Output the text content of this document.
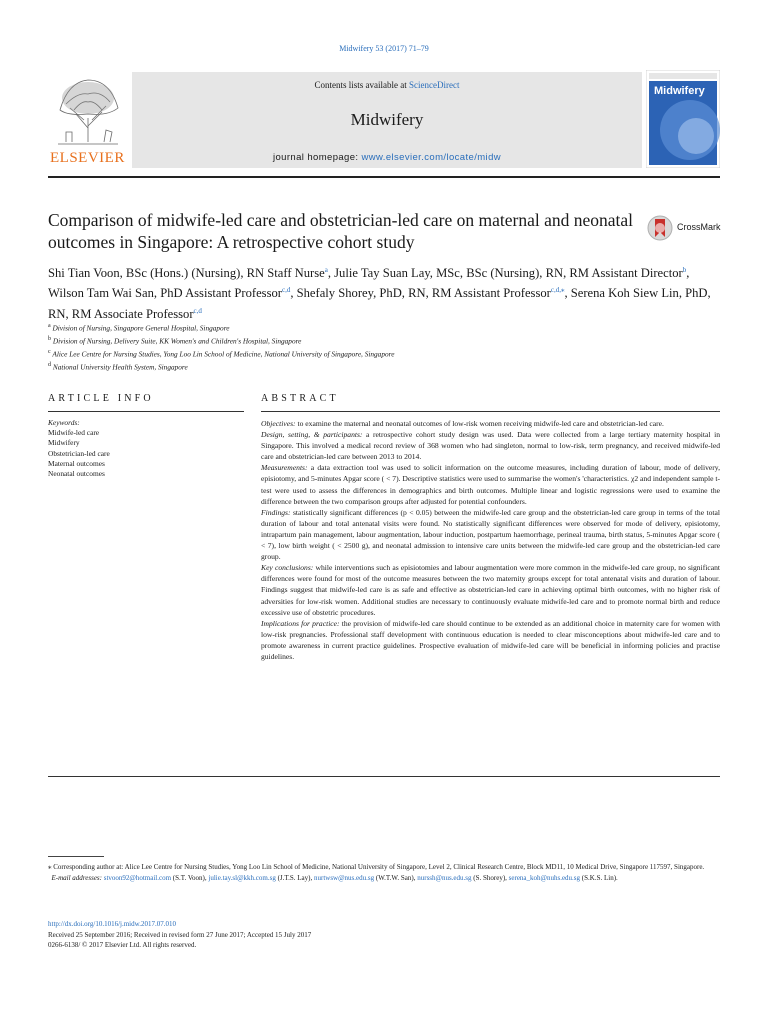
Midwifery 53 (2017) 71–79
ELSEVIER
Contents lists available at ScienceDirect
Midwifery
journal homepage: www.elsevier.com/locate/midw
Midwifery
Comparison of midwife-led care and obstetrician-led care on maternal and neonatal outcomes in Singapore: A retrospective cohort study
CrossMark
Shi Tian Voon, BSc (Hons.) (Nursing), RN Staff Nurse$^a$, Julie Tay Suan Lay, MSc, BSc (Nursing), RN, RM Assistant Director$^b$, Wilson Tam Wai San, PhD Assistant Professor$^{c,d}$, Shefaly Shorey, PhD, RN, RM Assistant Professor$^{c,d,⁎}$, Serena Koh Siew Lin, PhD, RN, RM Associate Professor$^{c,d}$
$^a$ Division of Nursing, Singapore General Hospital, Singapore
$^b$ Division of Nursing, Delivery Suite, KK Women's and Children's Hospital, Singapore
$^c$ Alice Lee Centre for Nursing Studies, Yong Loo Lin School of Medicine, National University of Singapore, Singapore
$^d$ National University Health System, Singapore
ARTICLE INFO
Keywords:
Midwife-led care
Midwifery
Obstetrician-led care
Maternal outcomes
Neonatal outcomes
ABSTRACT

Objectives: to examine the maternal and neonatal outcomes of low-risk women receiving midwife-led care and obstetrician-led care.

Design, setting, & participants: a retrospective cohort study design was used. Data were collected from a large tertiary maternity hospital in Singapore. This involved a medical record review of 368 women who had singleton, normal to low-risk, term pregnancy, and received midwife-led care and obstetrician-led care between 2013 to 2014.

Measurements: a data extraction tool was used to solicit information on the outcome measures, including duration of labour, mode of delivery, episiotomy, and 5-minutes Apgar score ( < 7). Descriptive statistics were used to summarise the women's 'characteristics. χ2 and independent sample t-test were used to assess the differences in demographics and birth outcomes. Multiple linear and logistic regressions were used to examine the difference between the two comparison groups after adjusted for potential confounders.

Findings: statistically significant differences (p < 0.05) between the midwife-led care group and the obstetrician-led care group in terms of the total duration of labour and total antenatal visits were found. No statistically significant differences were observed for mode of delivery, episiotomy, intrapartum pain management, labour augmentation, labour induction, postpartum haemorrhage, perineal trauma, birth status, 5-minutes Apgar score ( < 7), low birth weight ( < 2500 g), and neonatal admission to intensive care units between the midwife-led care group and the obstetrician-led care group.

Key conclusions: while interventions such as episiotomies and labour augmentation were more common in the midwife-led care group, no significant differences were found for most of the outcome measures between the two maternity groups except for total antenatal visits and duration of labour. Findings suggest that midwife-led care is as safe and effective as obstetrician-led care in achieving optimal birth outcomes, with no higher risk of adversities for low-risk women. Additional studies are necessary to continuously evaluate midwife-led care and to promote normal birth and reduce excessive use of obstetric procedures.

Implications for practice: the provision of midwife-led care should continue to be extended as an additional choice in maternity care for women with low-risk pregnancies. Professional staff development with continuous education is needed to clear misconceptions about midwife-led care and to promote awareness in current practice guidelines. Prospective evaluation of midwife-led care will be beneficial in informing policies and practise guidelines.

⁎ Corresponding author at: Alice Lee Centre for Nursing Studies, Yong Loo Lin School of Medicine, National University of Singapore, Level 2, Clinical Research Centre, Block MD11, 10 Medical Drive, Singapore 117597, Singapore.

E-mail addresses: stvoon92@hotmail.com (S.T. Voon), julie.tay.sl@kkh.com.sg (J.T.S. Lay), nurtwsw@nus.edu.sg (W.T.W. San), nurssh@nus.edu.sg (S. Shorey), serena_koh@nuhs.edu.sg (S.K.S. Lin).

http://dx.doi.org/10.1016/j.midw.2017.07.010

Received 25 September 2016; Received in revised form 27 June 2017; Accepted 15 July 2017

0266-6138/ © 2017 Elsevier Ltd. All rights reserved.
